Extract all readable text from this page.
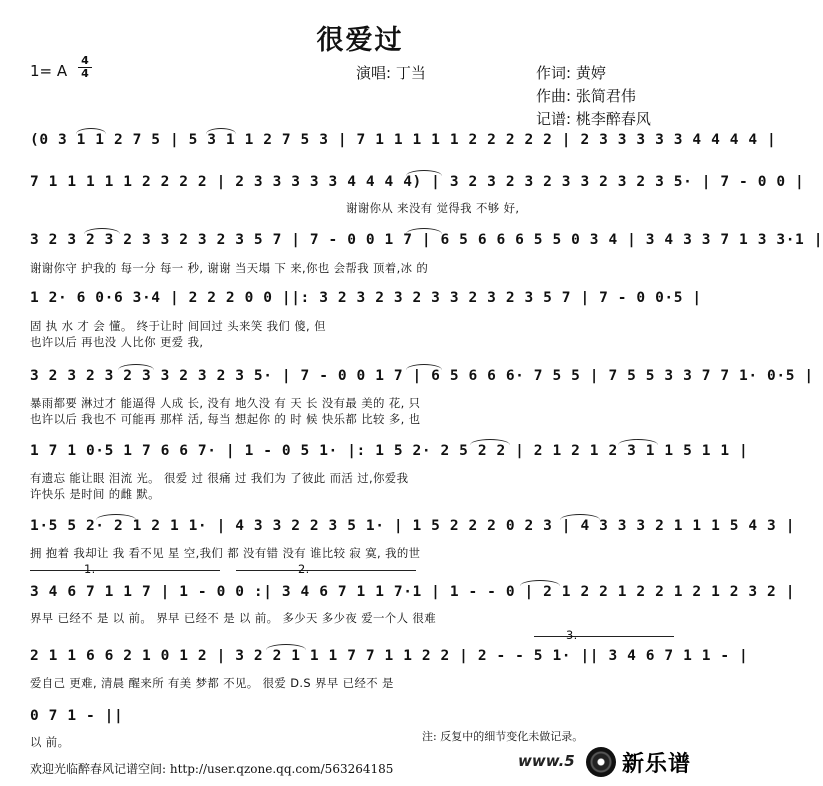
很爱过
1= A
4
4	演唱: 丁当	作词: 黄婷
作曲: 张简君伟
记谱: 桃李醉春风
(0 3 1 1 2 7 5 | 5 3 1 1 2 7 5 3 | 7 1 1 1 1 1 2 2 2 2 2 | 2 3 3 3 3 3 4 4 4 4 |
7 1 1 1 1 1 2 2 2 2 | 2 3 3 3 3 3 4 4 4 4) | 3 2 3 2 3 2 3 3 2 3 2 3 5· | 7 - 0 0 |
谢谢你从 来没有 觉得我 不够 好,
3 2 3 2 3 2 3 3 2 3 2 3 5 7 | 7 - 0 0 1 7 | 6 5 6 6 6 5 5 0 3 4 | 3 4 3 3 7 1 3 3·1 |
谢谢你守 护我的 每一分 每一 秒, 谢谢 当天塌 下 来,你也 会帮我 顶着,冰 的
1 2· 6 0·6 3·4 | 2 2 2 0 0 ||: 3 2 3 2 3 2 3 3 2 3 2 3 5 7 | 7 - 0 0·5 |
固 执 水 才 会 懂。 终于让时 间回过 头来笑 我们 傻, 但
也许以后 再也没 人比你 更爱 我,
3 2 3 2 3 2 3 3 2 3 2 3 5· | 7 - 0 0 1 7 | 6 5 6 6 6· 7 5 5 | 7 5 5 3 3 7 7 1· 0·5 |
暴雨都要 淋过才 能逼得 人成 长, 没有 地久没 有 天 长 没有最 美的 花, 只
也许以后 我也不 可能再 那样 活, 每当 想起你 的 时 候 快乐都 比较 多, 也
1 7 1 0·5 1 7 6 6 7· | 1 - 0 5 1· |: 1 5 2· 2 5 2 2 | 2 1 2 1 2 3 1 1 5 1 1 |
有遗忘 能让眼 泪流 光。 很爱 过 很痛 过 我们为 了彼此 而活 过,你爱我
许快乐 是时间 的雌 默。
1·5 5 2· 2 1 2 1 1· | 4 3 3 2 2 3 5 1· | 1 5 2 2 2 0 2 3 | 4 3 3 3 2 1 1 1 5 4 3 |
拥 抱着 我却让 我 看不见 星 空,我们 都 没有错 没有 谁比较 寂 寞, 我的世
1.	2.
3 4 6 7 1 1 7 | 1 - 0 0 :| 3 4 6 7 1 1 7·1 | 1 - - 0 | 2 1 2 2 1 2 2 1 2 1 2 3 2 |
界早 已经不 是 以 前。 界早 已经不 是 以 前。 多少天 多少夜 爱一个人 很难
3.
2 1 1 6 6 2 1 0 1 2 | 3 2 2 1 1 1 7 7 1 1 2 2 | 2 - - 5 1· || 3 4 6 7 1 1 - |
爱自己 更难, 清晨 醒来所 有美 梦都 不见。 很爱 D.S 界早 已经不 是
0 7 1 - ||
以 前。	注: 反复中的细节变化未做记录。
欢迎光临醉春风记谱空间: http://user.qzone.qq.com/563264185	www.5 新乐谱
